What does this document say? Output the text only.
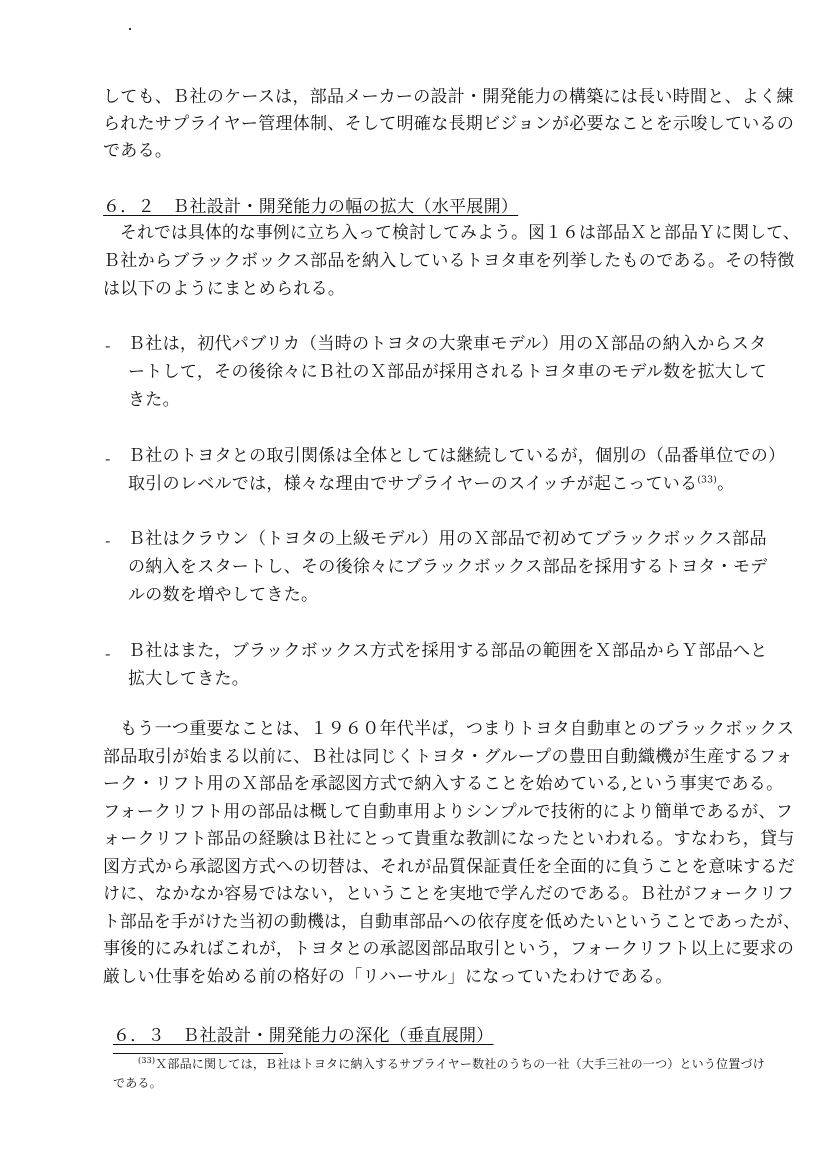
しても、Ｂ社のケースは，部品メーカーの設計・開発能力の構築には長い時間と、よく練
られたサプライヤー管理体制、そして明確な長期ビジョンが必要なことを示唆しているの
である。
６．２　Ｂ社設計・開発能力の幅の拡大（水平展開）
それでは具体的な事例に立ち入って検討してみよう。図１６は部品Ｘと部品Ｙに関して、
Ｂ社からブラックボックス部品を納入しているトヨタ車を列挙したものである。その特徴
は以下のようにまとめられる。
- Ｂ社は，初代パブリカ（当時のトヨタの大衆車モデル）用のＸ部品の納入からスタ
ートして，その後徐々にＢ社のＸ部品が採用されるトヨタ車のモデル数を拡大して
きた。
- Ｂ社のトヨタとの取引関係は全体としては継続しているが，個別の（品番単位での）
取引のレベルでは，様々な理由でサプライヤーのスイッチが起こっている$^{(33)}$。
- Ｂ社はクラウン（トヨタの上級モデル）用のＸ部品で初めてブラックボックス部品
の納入をスタートし、その後徐々にブラックボックス部品を採用するトヨタ・モデ
ルの数を増やしてきた。
- Ｂ社はまた，ブラックボックス方式を採用する部品の範囲をＸ部品からＹ部品へと
拡大してきた。
もう一つ重要なことは、１９６０年代半ば，つまりトヨタ自動車とのブラックボックス
部品取引が始まる以前に、Ｂ社は同じくトヨタ・グループの豊田自動織機が生産するフォ
ーク・リフト用のＸ部品を承認図方式で納入することを始めている,という事実である。
フォークリフト用の部品は概して自動車用よりシンプルで技術的により簡単であるが、フ
ォークリフト部品の経験はＢ社にとって貴重な教訓になったといわれる。すなわち，貸与
図方式から承認図方式への切替は、それが品質保証責任を全面的に負うことを意味するだ
けに、なかなか容易ではない，ということを実地で学んだのである。Ｂ社がフォークリフ
ト部品を手がけた当初の動機は，自動車部品への依存度を低めたいということであったが、
事後的にみればこれが，トヨタとの承認図部品取引という，フォークリフト以上に要求の
厳しい仕事を始める前の格好の「リハーサル」になっていたわけである。
６．３　Ｂ社設計・開発能力の深化（垂直展開）
$^{(33)}$Ｘ部品に関しては，Ｂ社はトヨタに納入するサプライヤー数社のうちの一社（大手三社の一つ）という位置づけ
である。
